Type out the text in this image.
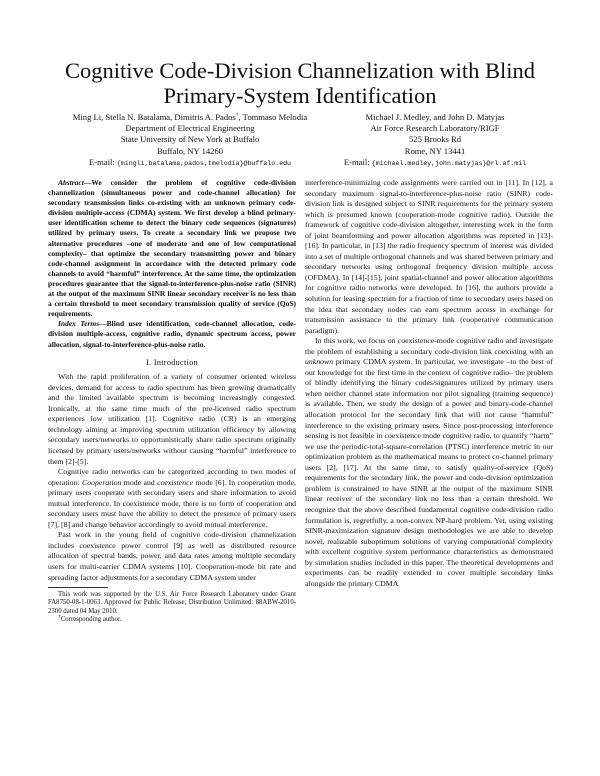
Cognitive Code-Division Channelization with Blind Primary-System Identification
Ming Li, Stella N. Batalama, Dimitris A. Pados†, Tommaso Melodia
Department of Electrical Engineering
State University of New York at Buffalo
Buffalo, NY 14260
E-mail: {mingli,batalama,pados,tmelodia}@buffalo.edu
Michael J. Medley, and John D. Matyjas
Air Force Research Laboratory/RIGF
525 Brooks Rd
Rome, NY 13441
E-mail: {michael.medley,john.matyjas}@rl.af.mil

Abstract—We consider the problem of cognitive code-division channelization (simultaneous power and code-channel allocation) for secondary transmission links co-existing with an unknown primary code-division multiple-access (CDMA) system. We first develop a blind primary-user identification scheme to detect the binary code sequences (signatures) utilized by primary users. To create a secondary link we propose two alternative procedures –one of moderate and one of low computational complexity– that optimize the secondary transmitting power and binary code-channel assignment in accordance with the detected primary code channels to avoid “harmful” interference. At the same time, the optimization procedures guarantee that the signal-to-interference-plus-noise ratio (SINR) at the output of the maximum SINR linear secondary receiver is no less than a certain threshold to meet secondary transmission quality of service (QoS) requirements.

Index Terms—Blind user identification, code-channel allocation, code-division multiple-access, cognitive radio, dynamic spectrum access, power allocation, signal-to-interference-plus-noise ratio.

I. Introduction

With the rapid proliferation of a variety of consumer oriented wireless devices, demand for access to radio spectrum has been growing dramatically and the limited available spectrum is becoming increasingly congested. Ironically, at the same time much of the pre-licensed radio spectrum experiences low utilization [1]. Cognitive radio (CR) is an emerging technology aiming at improving spectrum utilization efficiency by allowing secondary users/networks to opportunistically share radio spectrum originally licensed by primary users/networks without causing “harmful” interference to them [2]-[5].

Cognitive radio networks can be categorized according to two modes of operation: Cooperation mode and coexistence mode [6]. In cooperation mode, primary users cooperate with secondary users and share information to avoid mutual interference. In coexistence mode, there is no form of cooperation and secondary users must have the ability to detect the presence of primary users [7], [8] and change behavior accordingly to avoid mutual interference.

Past work in the young field of cognitive code-division channelization includes coexistence power control [9] as well as distributed resource allocation of spectral bands, power, and data rates among multiple secondary users for multi-carrier CDMA systems [10]. Cooperation-mode bit rate and spreading factor adjustments for a secondary CDMA system under

This work was supported by the U.S. Air Force Research Laboratory under Grant FA8750-08-1-0063. Approved for Public Release; Distribution Unlimited: 88ABW-2010-2300 dated 04 May 2010.

†Corresponding author.

interference-minimizing code assignments were carried out in [11]. In [12], a secondary maximum signal-to-interference-plus-noise ratio (SINR) code-division link is designed subject to SINR requirements for the primary system which is presumed known (cooperation-mode cognitive radio). Outside the framework of cognitive code-division altogether, interesting work in the form of joint beamforming and power allocation algorithms was reported in [13]-[16]. In particular, in [13] the radio frequency spectrum of interest was divided into a set of multiple orthogonal channels and was shared between primary and secondary networks using orthogonal frequency division multiple access (OFDMA). In [14]-[15], joint spatial-channel and power allocation algorithms for cognitive radio networks were developed. In [16], the authors provide a solution for leasing spectrum for a fraction of time to secondary users based on the idea that secondary nodes can earn spectrum access in exchange for transmission assistance to the primary link (cooperative communication paradigm).

In this work, we focus on coexistence-mode cognitive radio and investigate the problem of establishing a secondary code-division link coexisting with an unknown primary CDMA system. In particular, we investigate –to the best of our knowledge for the first time in the context of cognitive radio– the problem of blindly identifying the binary codes/signatures utilized by primary users when neither channel state information nor pilot signaling (training sequence) is available. Then, we study the design of a power and binary-code-channel allocation protocol for the secondary link that will not cause “harmful” interference to the existing primary users. Since post-processing interference sensing is not feasible in coexistence mode cognitive radio, to quantify “harm” we use the periodic-total-square-correlation (PTSC) interference metric in our optimization problem as the mathematical means to protect co-channel primary users [2], [17]. At the same time, to satisfy quality-of-service (QoS) requirements for the secondary link, the power and code-division optimization problem is constrained to have SINR at the output of the maximum SINR linear receiver of the secondary link no less than a certain threshold. We recognize that the above described fundamental cognitive code-division radio formulation is, regretfully, a non-convex NP-hard problem. Yet, using existing SINR-maximization signature design methodologies we are able to develop novel, realizable suboptimum solutions of varying computational complexity with excellent cognitive system performance characteristics as demonstrated by simulation studies included in this paper. The theoretical developments and experiments can be readily extended to cover multiple secondary links alongside the primary CDMA
